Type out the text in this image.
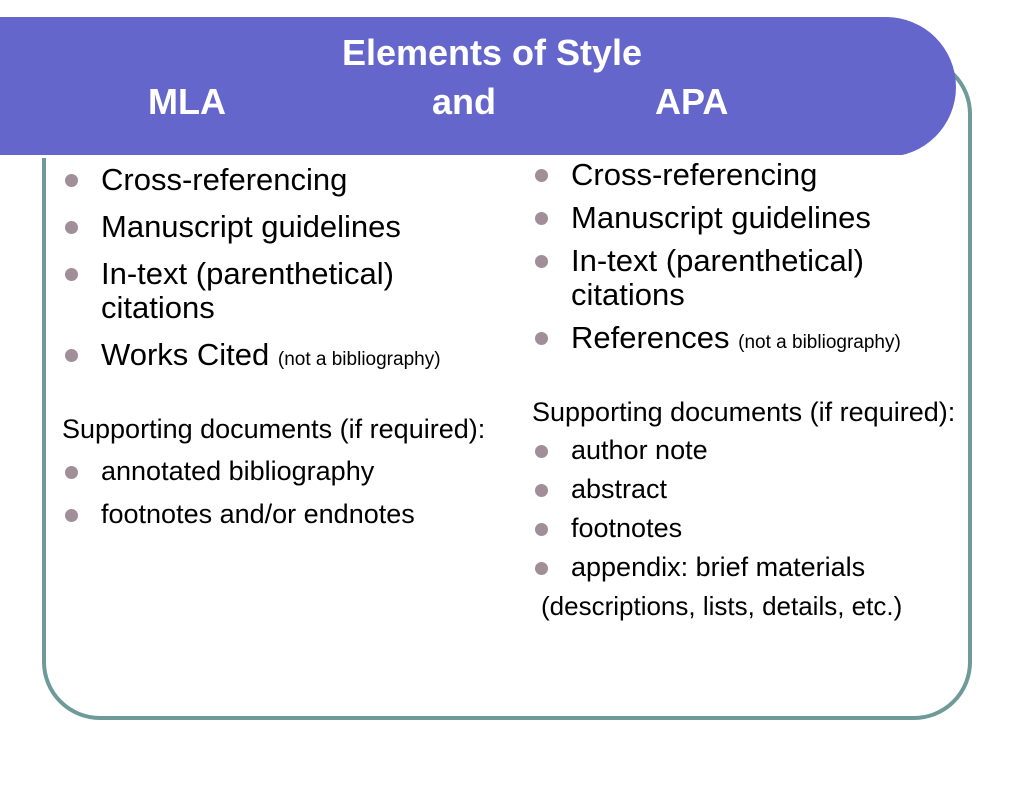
Elements of Style
MLA	and	APA
Cross-referencing
Manuscript guidelines
In-text (parenthetical) citations
Works Cited (not a bibliography)

Supporting documents (if required):

annotated bibliography
footnotes and/or endnotes
Cross-referencing
Manuscript guidelines
In-text (parenthetical) citations
References (not a bibliography)

Supporting documents (if required):

author note
abstract
footnotes
appendix: brief materials

(descriptions, lists, details, etc.)
